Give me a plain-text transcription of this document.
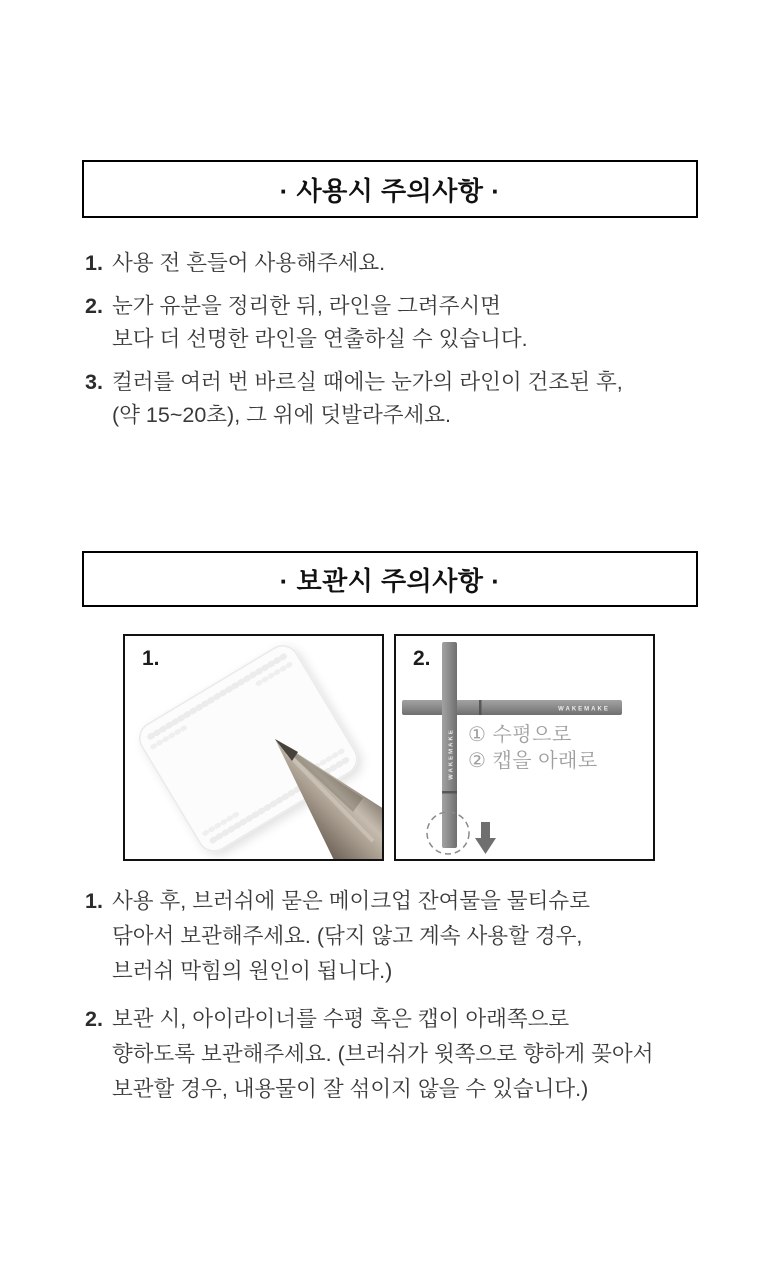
· 사용시 주의사항 ·
1. 사용 전 흔들어 사용해주세요.
2. 눈가 유분을 정리한 뒤, 라인을 그려주시면
보다 더 선명한 라인을 연출하실 수 있습니다.
3. 컬러를 여러 번 바르실 때에는 눈가의 라인이 건조된 후,
(약 15~20초), 그 위에 덧발라주세요.
· 보관시 주의사항 ·
1.	2.
① 수평으로
② 캡을 아래로
WAKEMAKE
WAKEMAKE
1. 사용 후, 브러쉬에 묻은 메이크업 잔여물을 물티슈로
닦아서 보관해주세요. (닦지 않고 계속 사용할 경우,
브러쉬 막힘의 원인이 됩니다.)
2. 보관 시, 아이라이너를 수평 혹은 캡이 아래쪽으로
향하도록 보관해주세요. (브러쉬가 윗쪽으로 향하게 꽂아서
보관할 경우, 내용물이 잘 섞이지 않을 수 있습니다.)
